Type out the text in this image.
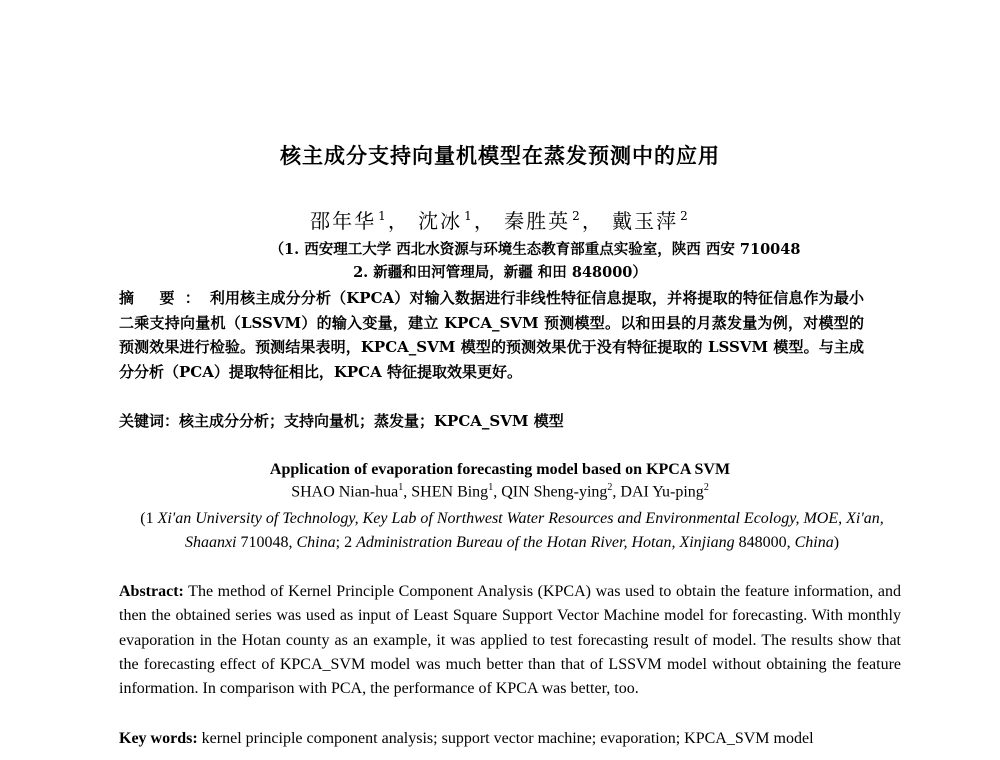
核主成分支持向量机模型在蒸发预测中的应用
邵年华 $^1$， 沈冰 $^1$， 秦胜英 $^2$， 戴玉萍 $^2$
（1. 西安理工大学 西北水资源与环境生态教育部重点实验室，陕西 西安 710048
2. 新疆和田河管理局，新疆 和田 848000）
摘 要：利用核主成分分析（KPCA）对输入数据进行非线性特征信息提取，并将提取的特征信息作为最小二乘支持向量机（LSSVM）的输入变量，建立 KPCA_SVM 预测模型。以和田县的月蒸发量为例，对模型的预测效果进行检验。预测结果表明，KPCA_SVM 模型的预测效果优于没有特征提取的 LSSVM 模型。与主成分分析（PCA）提取特征相比，KPCA 特征提取效果更好。
关键词：核主成分分析；支持向量机；蒸发量；KPCA_SVM 模型
Application of evaporation forecasting model based on KPCA SVM
SHAO Nian-hua$^1$, SHEN Bing$^1$, QIN Sheng-ying$^2$, DAI Yu-ping$^2$
(1 Xi'an University of Technology, Key Lab of Northwest Water Resources and Environmental Ecology, MOE, Xi'an, Shaanxi 710048, China; 2 Administration Bureau of the Hotan River, Hotan, Xinjiang 848000, China)
Abstract: The method of Kernel Principle Component Analysis (KPCA) was used to obtain the feature information, and then the obtained series was used as input of Least Square Support Vector Machine model for forecasting. With monthly evaporation in the Hotan county as an example, it was applied to test forecasting result of model. The results show that the forecasting effect of KPCA_SVM model was much better than that of LSSVM model without obtaining the feature information. In comparison with PCA, the performance of KPCA was better, too.
Key words: kernel principle component analysis; support vector machine; evaporation; KPCA_SVM model
